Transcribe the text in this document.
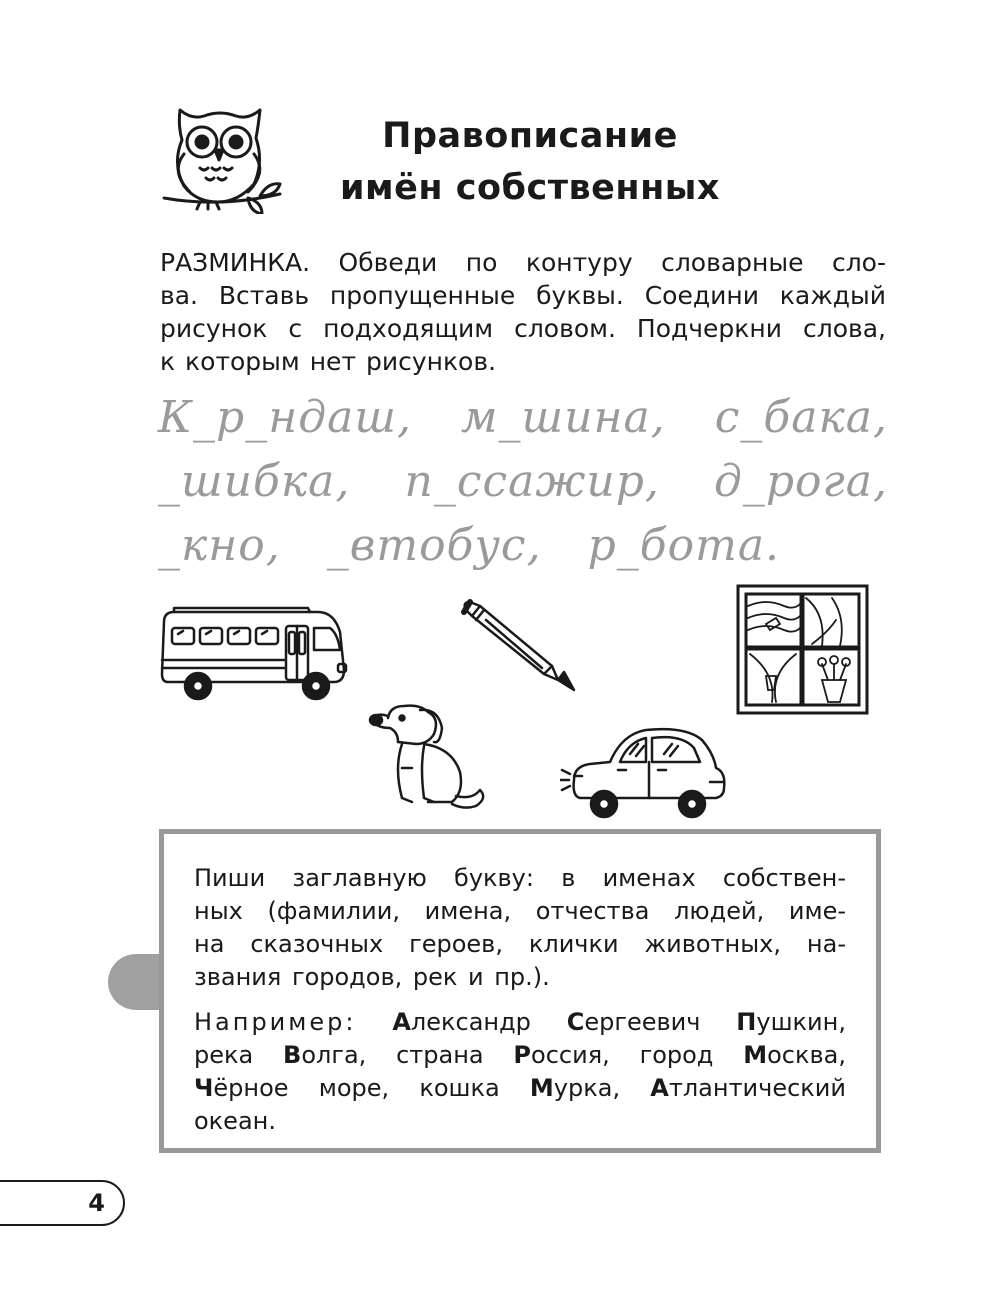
Правописание
имён собственных

РАЗМИНКА. Обведи по контуру словарные сло-
ва. Вставь пропущенные буквы. Соедини каждый
рисунок с подходящим словом. Подчеркни слова,
к которым нет рисунков.

К_р_ндаш, м_шина, с_бака,
_шибка, п_ссажир, д_рога,
_кно, _втобус, р_бота.

Пиши заглавную букву: в именах собствен-
ных (фамилии, имена, отчества людей, име-
на сказочных героев, клички животных, на-
звания городов, рек и пр.).

Например: Александр Сергеевич Пушкин,
река Волга, страна Россия, город Москва,
Чёрное море, кошка Мурка, Атлантический
океан.

4
